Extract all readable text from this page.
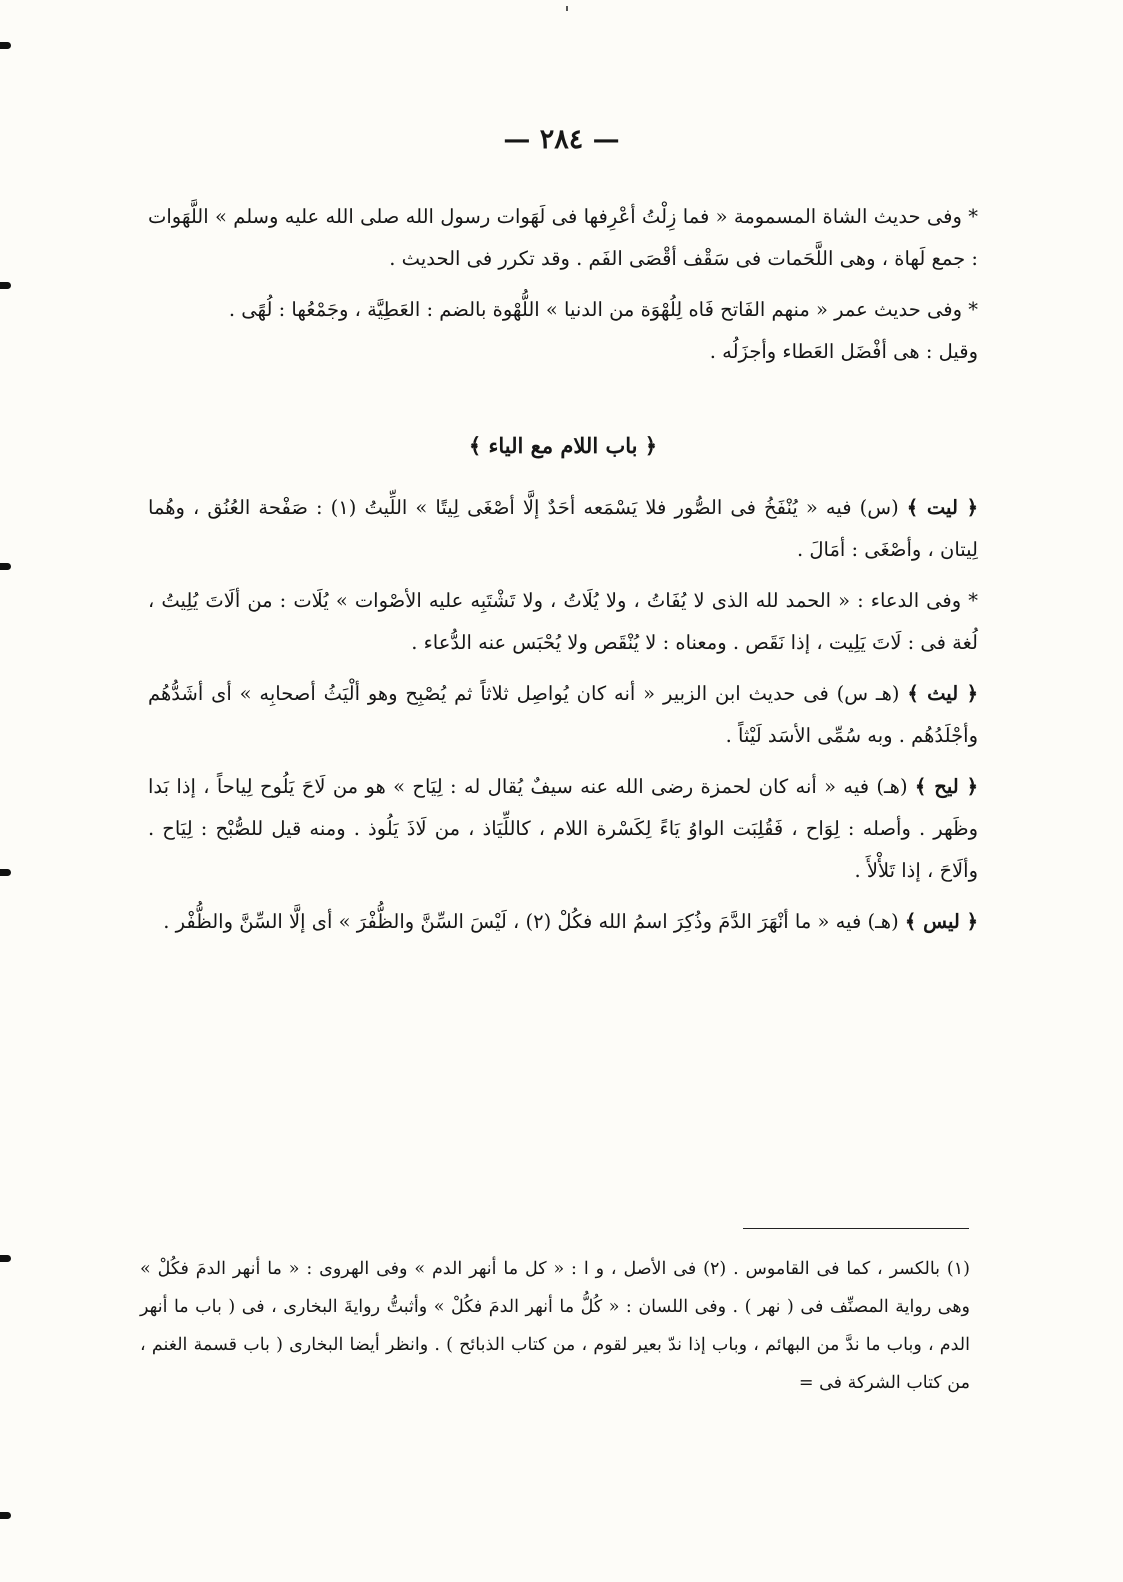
— ٢٨٤ —

* وفى حديث الشاة المسمومة « فما زِلْتُ أعْرِفها فى لَهَوات رسول الله صلى الله عليه وسلم » اللَّهَوات : جمع لَهاة ، وهى اللَّحَمات فى سَقْف أقْصَى الفَم . وقد تكرر فى الحديث .

* وفى حديث عمر « منهم الفَاتح فَاه لِلُهْوَة من الدنيا » اللُّهْوة بالضم : العَطِيَّة ، وجَمْعُها : لُهًى .

وقيل : هى أفْضَل العَطاء وأجزَلُه .

﴿ باب اللام مع الياء ﴾

﴿ ليت ﴾ (س) فيه « يُنْفَخُ فى الصُّور فلا يَسْمَعه أحَدٌ إلَّا أصْغَى لِيتًا » اللِّيتُ (١) : صَفْحة العُنُق ، وهُما لِيتان ، وأصْغَى : أمَالَ .

* وفى الدعاء : « الحمد لله الذى لا يُفَاتُ ، ولا يُلَاتُ ، ولا تَشْتَبِه عليه الأصْوات » يُلَات : من ألَاتَ يُلِيتُ ، لُغة فى : لَاتَ يَلِيت ، إذا نَقَص . ومعناه : لا يُنْقَص ولا يُحْبَس عنه الدُّعاء .

﴿ ليث ﴾ (هـ س) فى حديث ابن الزبير « أنه كان يُواصِل ثلاثاً ثم يُصْبِح وهو ألْيَثُ أصحابِه » أى أشَدُّهُم وأجْلَدُهُم . وبه سُمِّى الأسَد لَيْثاً .

﴿ ليح ﴾ (هـ) فيه « أنه كان لحمزة رضى الله عنه سيفٌ يُقال له : لِيَاح » هو من لَاحَ يَلُوح لِياحاً ، إذا بَدا وظَهر . وأصله : لِوَاح ، فَقُلِبَت الواوُ يَاءً لِكَسْرة اللام ، كاللِّيَاذ ، من لَاذَ يَلُوذ . ومنه قيل للصُّبْح : لِيَاح . وألَاحَ ، إذا تَلأْلأَ .

﴿ ليس ﴾ (هـ) فيه « ما أنْهَرَ الدَّمَ وذُكِرَ اسمُ الله فكُلْ (٢) ، لَيْسَ السِّنَّ والظُّفْرَ » أى إلَّا السِّنَّ والظُّفْر .

(١) بالكسر ، كما فى القاموس . (٢) فى الأصل ، و ا : « كل ما أنهر الدم » وفى الهروى : « ما أنهر الدمَ فكُلْ » وهى رواية المصنِّف فى ( نهر ) . وفى اللسان : « كُلُّ ما أنهر الدمَ فكُلْ » وأثبتُّ روايةَ البخارى ، فى ( باب ما أنهر الدم ، وباب ما ندَّ من البهائم ، وباب إذا ندّ بعير لقوم ، من كتاب الذبائح ) . وانظر أيضا البخارى ( باب قسمة الغنم ، من كتاب الشركة فى =
